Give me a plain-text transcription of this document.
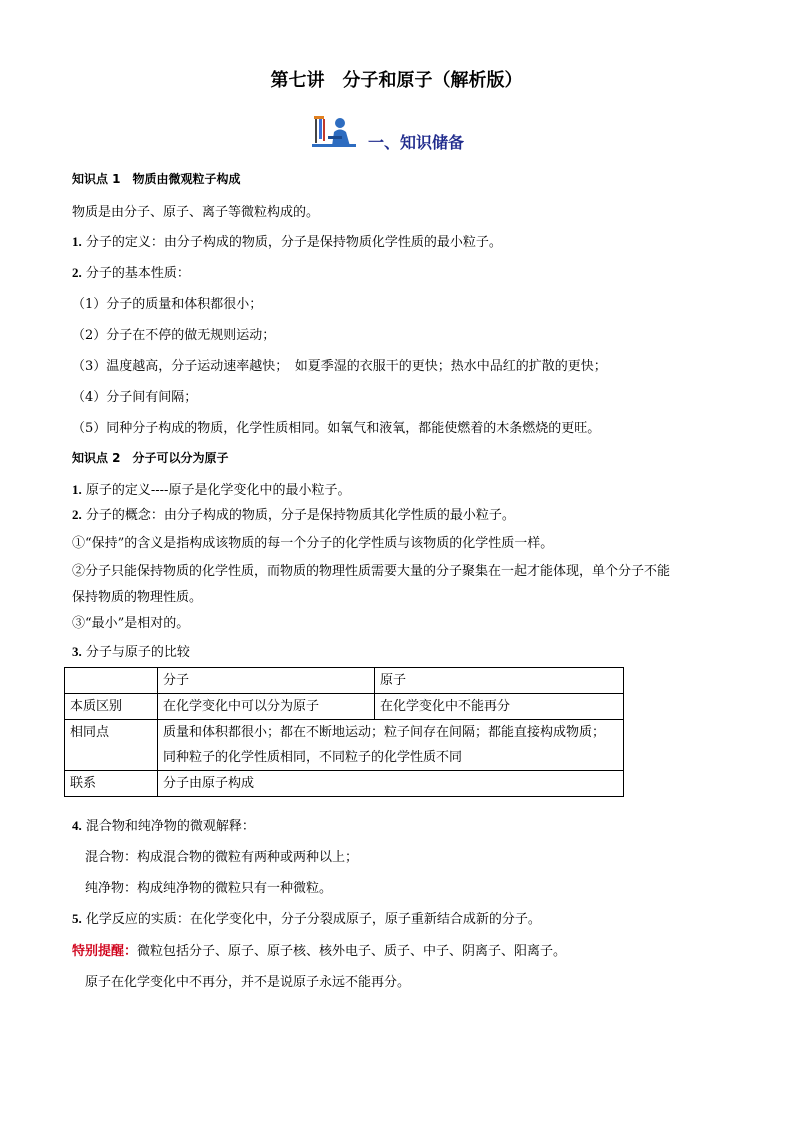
第七讲　分子和原子（解析版）
一、知识储备
知识点 1　物质由微观粒子构成
物质是由分子、原子、离子等微粒构成的。
1. 分子的定义：由分子构成的物质，分子是保持物质化学性质的最小粒子。
2. 分子的基本性质：
（1）分子的质量和体积都很小；
（2）分子在不停的做无规则运动；
（3）温度越高，分子运动速率越快；　如夏季湿的衣服干的更快；热水中品红的扩散的更快；
（4）分子间有间隔；
（5）同种分子构成的物质，化学性质相同。如氧气和液氧，都能使燃着的木条燃烧的更旺。
知识点 2　分子可以分为原子
1. 原子的定义----原子是化学变化中的最小粒子。
2. 分子的概念：由分子构成的物质，分子是保持物质其化学性质的最小粒子。
①“保持”的含义是指构成该物质的每一个分子的化学性质与该物质的化学性质一样。
②分子只能保持物质的化学性质，而物质的物理性质需要大量的分子聚集在一起才能体现，单个分子不能
保持物质的物理性质。
③“最小”是相对的。
3. 分子与原子的比较
	分子	原子
本质区别	在化学变化中可以分为原子	在化学变化中不能再分
相同点	质量和体积都很小；都在不断地运动；粒子间存在间隔；都能直接构成物质；
同种粒子的化学性质相同，不同粒子的化学性质不同	

联系	分子由原子构成	
4. 混合物和纯净物的微观解释：
混合物：构成混合物的微粒有两种或两种以上；
纯净物：构成纯净物的微粒只有一种微粒。
5. 化学反应的实质：在化学变化中，分子分裂成原子，原子重新结合成新的分子。
特别提醒：微粒包括分子、原子、原子核、核外电子、质子、中子、阴离子、阳离子。
原子在化学变化中不再分，并不是说原子永远不能再分。
